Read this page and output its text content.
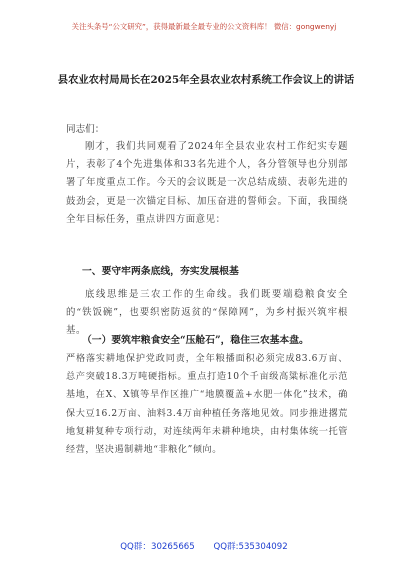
关注头条号“公文研究”，获得最新最全最专业的公文资料库！ 微信：gongwenyj
县农业农村局局长在2025年全县农业农村系统工作会议上的讲话
同志们：
刚才，我们共同观看了2024年全县农业农村工作纪实专题片，表彰了4个先进集体和33名先进个人，各分管领导也分别部署了年度重点工作。今天的会议既是一次总结成绩、表彰先进的鼓劲会，更是一次锚定目标、加压奋进的誓师会。下面，我围绕全年目标任务，重点讲四方面意见：
一、要守牢两条底线，夯实发展根基
底线思维是三农工作的生命线。我们既要端稳粮食安全的“铁饭碗”，也要织密防返贫的“保障网”，为乡村振兴筑牢根基。
（一）要筑牢粮食安全“压舱石”，稳住三农基本盘。
严格落实耕地保护党政同责，全年粮播面积必须完成83.6万亩、总产突破18.3万吨硬指标。重点打造10个千亩级高粱标准化示范基地，在X、X镇等旱作区推广“地膜覆盖+水肥一体化”技术，确保大豆16.2万亩、油料3.4万亩种植任务落地见效。同步推进撂荒地复耕复种专项行动，对连续两年未耕种地块，由村集体统一托管经营，坚决遏制耕地“非粮化”倾向。
QQ群：30265665 QQ群:535304092
